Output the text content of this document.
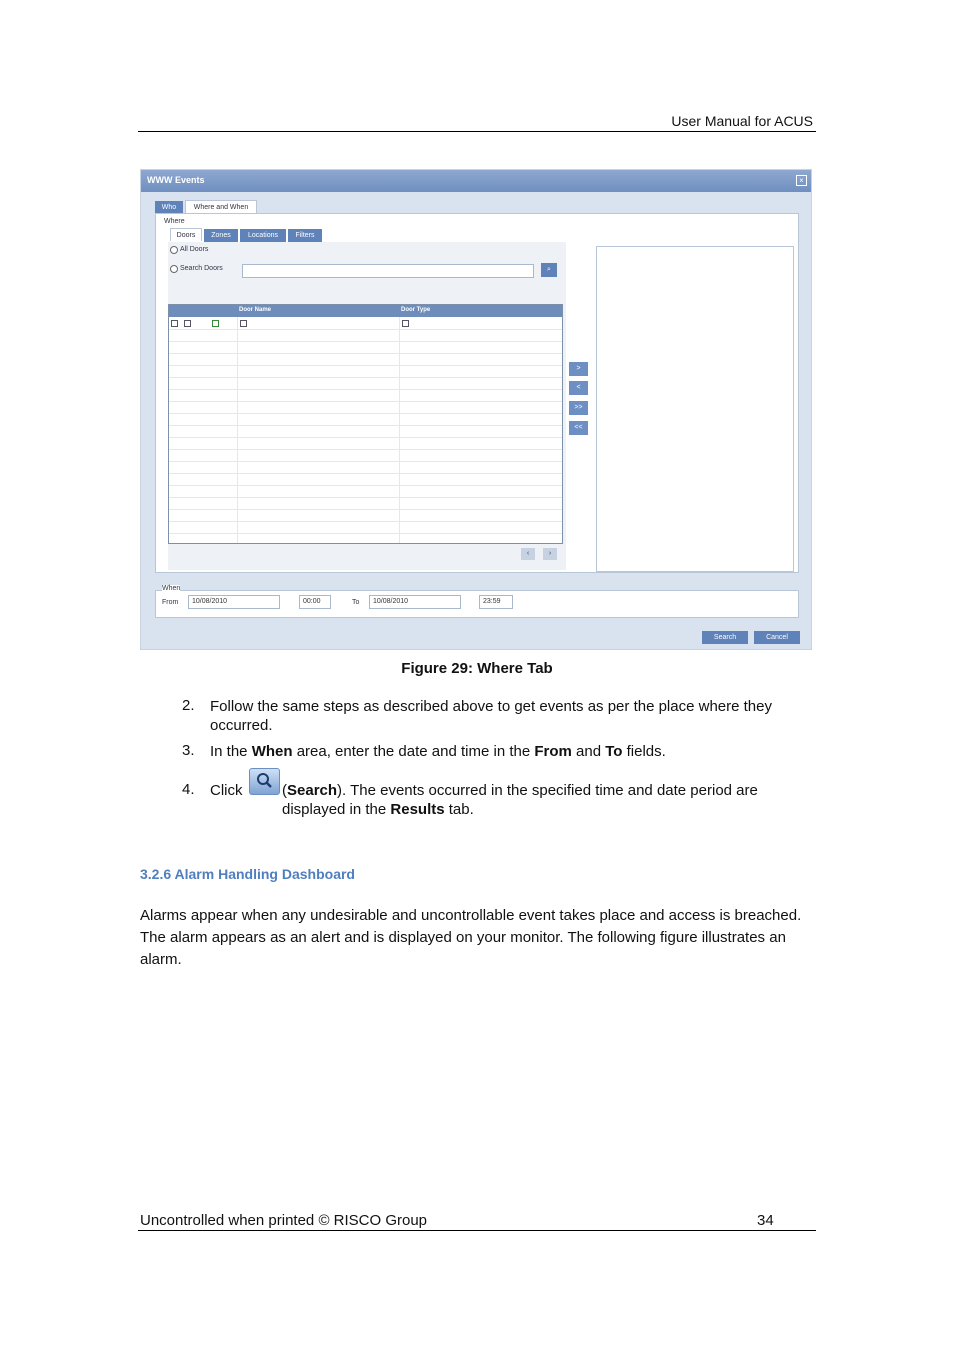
User Manual for ACUS
WWW Events	×
Who	Where and When
Where
Doors	Zones	Locations	Filters
All Doors
Search Doors	⌕
Door Name	Door Type
‹	›
>
<
>>
<<
When
From	10/08/2010	00:00	To	10/08/2010	23:59
Search	Cancel
Figure 29: Where Tab
2. Follow the same steps as described above to get events as per the place where they occurred.
3. In the When area, enter the date and time in the From and To fields.
4. Click	(Search). The events occurred in the specified time and date period are displayed in the Results tab.
3.2.6 Alarm Handling Dashboard
Alarms appear when any undesirable and uncontrollable event takes place and access is breached. The alarm appears as an alert and is displayed on your monitor. The following figure illustrates an alarm.
Uncontrolled when printed © RISCO Group	34
